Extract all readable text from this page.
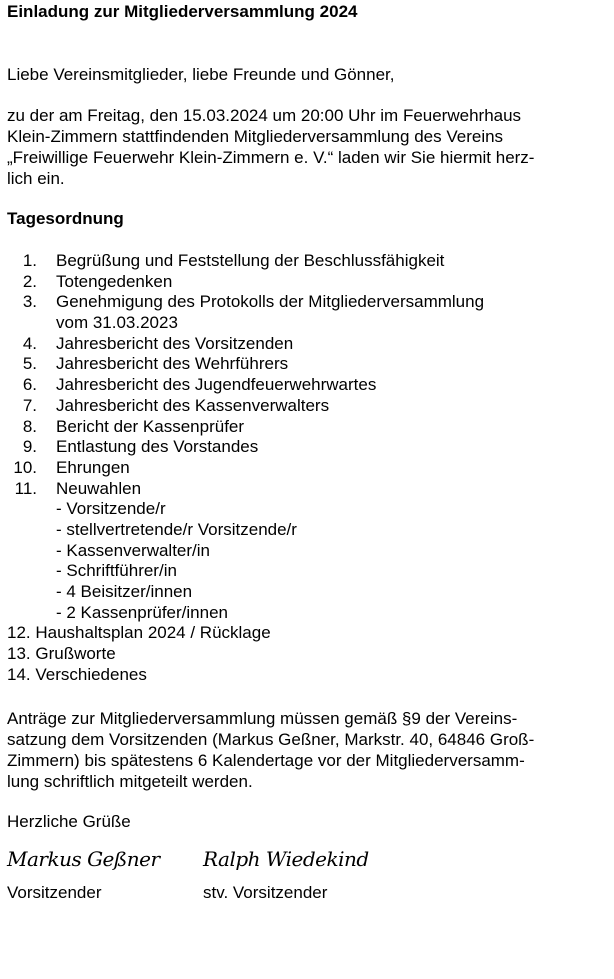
Einladung zur Mitgliederversammlung 2024
Liebe Vereinsmitglieder, liebe Freunde und Gönner,
zu der am Freitag, den 15.03.2024 um 20:00 Uhr im Feuerwehrhaus
Klein-Zimmern stattfindenden Mitgliederversammlung des Vereins
„Freiwillige Feuerwehr Klein-Zimmern e. V.“ laden wir Sie hiermit herz-
lich ein.
Tagesordnung
1. Begrüßung und Feststellung der Beschlussfähigkeit
2. Totengedenken
3. Genehmigung des Protokolls der Mitgliederversammlung
vom 31.03.2023
4. Jahresbericht des Vorsitzenden
5. Jahresbericht des Wehrführers
6. Jahresbericht des Jugendfeuerwehrwartes
7. Jahresbericht des Kassenverwalters
8. Bericht der Kassenprüfer
9. Entlastung des Vorstandes
10. Ehrungen
11. Neuwahlen
- Vorsitzende/r
- stellvertretende/r Vorsitzende/r
- Kassenverwalter/in
- Schriftführer/in
- 4 Beisitzer/innen
- 2 Kassenprüfer/innen
12. Haushaltsplan 2024 / Rücklage
13. Grußworte
14. Verschiedenes
Anträge zur Mitgliederversammlung müssen gemäß §9 der Vereins-
satzung dem Vorsitzenden (Markus Geßner, Markstr. 40, 64846 Groß-
Zimmern) bis spätestens 6 Kalendertage vor der Mitgliederversamm-
lung schriftlich mitgeteilt werden.
Herzliche Grüße
Markus Geßner Ralph Wiedekind
Vorsitzender	stv. Vorsitzender
